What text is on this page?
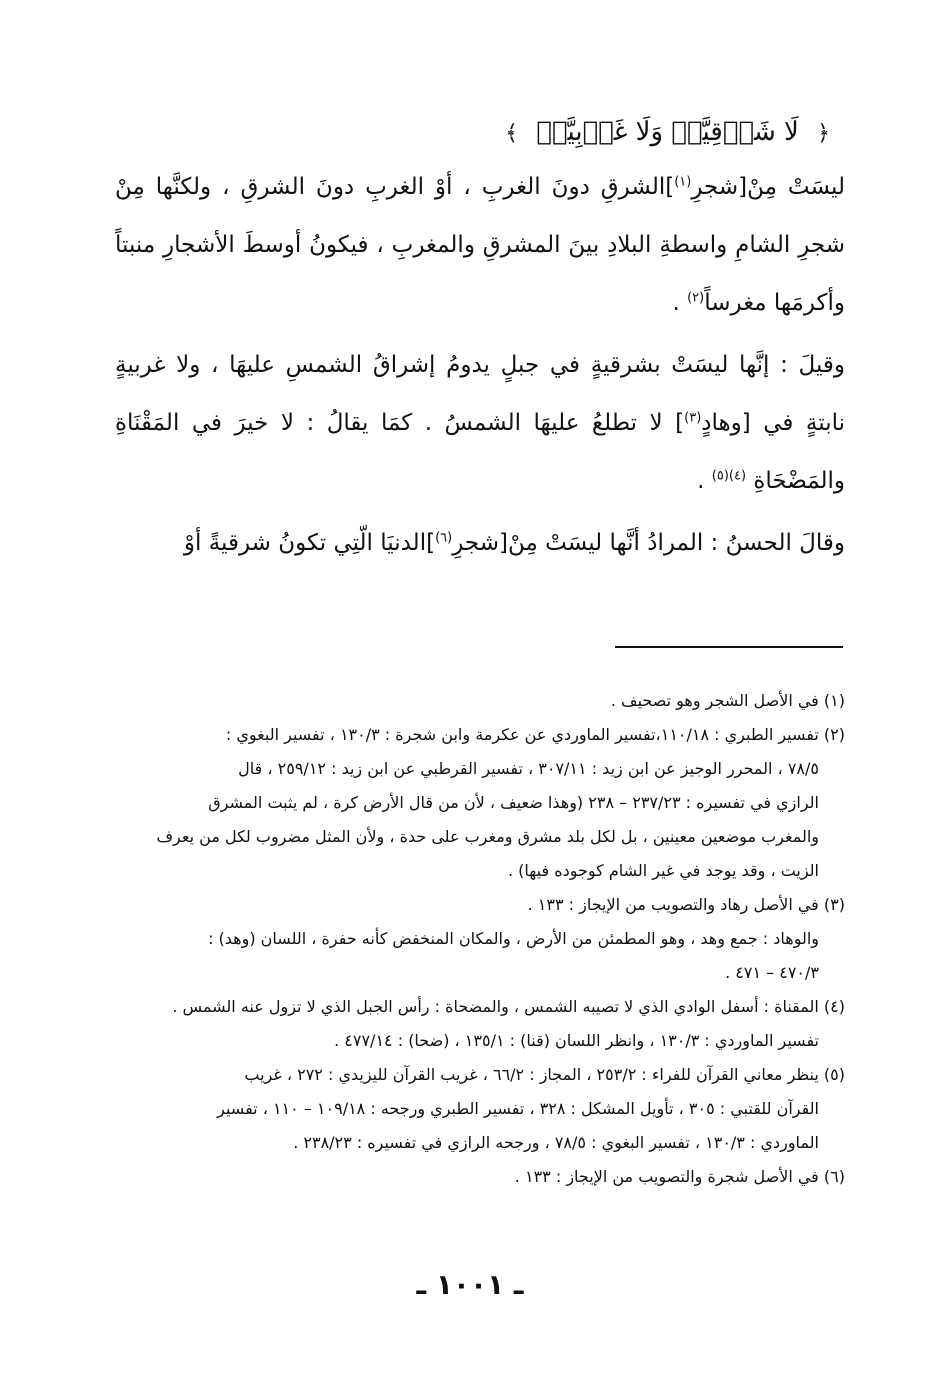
﴿ لَا شَرۡقِيَّةٖ وَلَا غَرۡبِيَّةٖ ﴾

ليسَتْ مِنْ[شجرِ$^{(١)}$]الشرقِ دونَ الغربِ ، أوْ الغربِ دونَ الشرقِ ، ولكنَّها مِنْ شجرِ الشامِ واسطةِ البلادِ بينَ المشرقِ والمغربِ ، فيكونُ أوسطَ الأشجارِ منبتاً وأكرمَها مغرساً$^{(٢)}$ .

وقيلَ : إنَّها ليسَتْ بشرقيةٍ في جبلٍ يدومُ إشراقُ الشمسِ عليهَا ، ولا غربيةٍ نابتةٍ في [وهادٍ$^{(٣)}$] لا تطلعُ عليهَا الشمسُ . كمَا يقالُ : لا خيرَ في المَقْنَاةِ والمَضْحَاةِ $^{(٤)(٥)}$ .

وقالَ الحسنُ : المرادُ أنَّها ليسَتْ مِنْ[شجرِ$^{(٦)}$]الدنيَا الّتِي تكونُ شرقيةً أوْ

(١) في الأصل الشجر وهو تصحيف .
(٢) تفسير الطبري : ١١٠/١٨،تفسير الماوردي عن عكرمة وابن شجرة : ١٣٠/٣ ، تفسير البغوي :
٧٨/٥ ، المحرر الوجيز عن ابن زيد : ٣٠٧/١١ ، تفسير القرطبي عن ابن زيد : ٢٥٩/١٢ ، قال
الرازي في تفسيره : ٢٣٧/٢٣ – ٢٣٨ (وهذا ضعيف ، لأن من قال الأرض كرة ، لم يثبت المشرق
والمغرب موضعين معينين ، بل لكل بلد مشرق ومغرب على حدة ، ولأن المثل مضروب لكل من يعرف
الزيت ، وقد يوجد في غير الشام كوجوده فيها) .
(٣) في الأصل رهاد والتصويب من الإيجاز : ١٣٣ .
والوهاد : جمع وهد ، وهو المطمئن من الأرض ، والمكان المنخفض كأنه حفرة ، اللسان (وهد) :
٤٧٠/٣ – ٤٧١ .
(٤) المقناة : أسفل الوادي الذي لا تصيبه الشمس ، والمضحاة : رأس الجبل الذي لا تزول عنه الشمس .
تفسير الماوردي : ١٣٠/٣ ، وانظر اللسان (قنا) : ١٣٥/١ ، (ضحا) : ٤٧٧/١٤ .
(٥) ينظر معاني القرآن للفراء : ٢٥٣/٢ ، المجاز : ٦٦/٢ ، غريب القرآن لليزيدي : ٢٧٢ ، غريب
القرآن للقتبي : ٣٠٥ ، تأويل المشكل : ٣٢٨ ، تفسير الطبري ورجحه : ١٠٩/١٨ – ١١٠ ، تفسير
الماوردي : ١٣٠/٣ ، تفسير البغوي : ٧٨/٥ ، ورجحه الرازي في تفسيره : ٢٣٨/٢٣ .
(٦) في الأصل شجرة والتصويب من الإيجاز : ١٣٣ .
ـ ١٠٠١ ـ
